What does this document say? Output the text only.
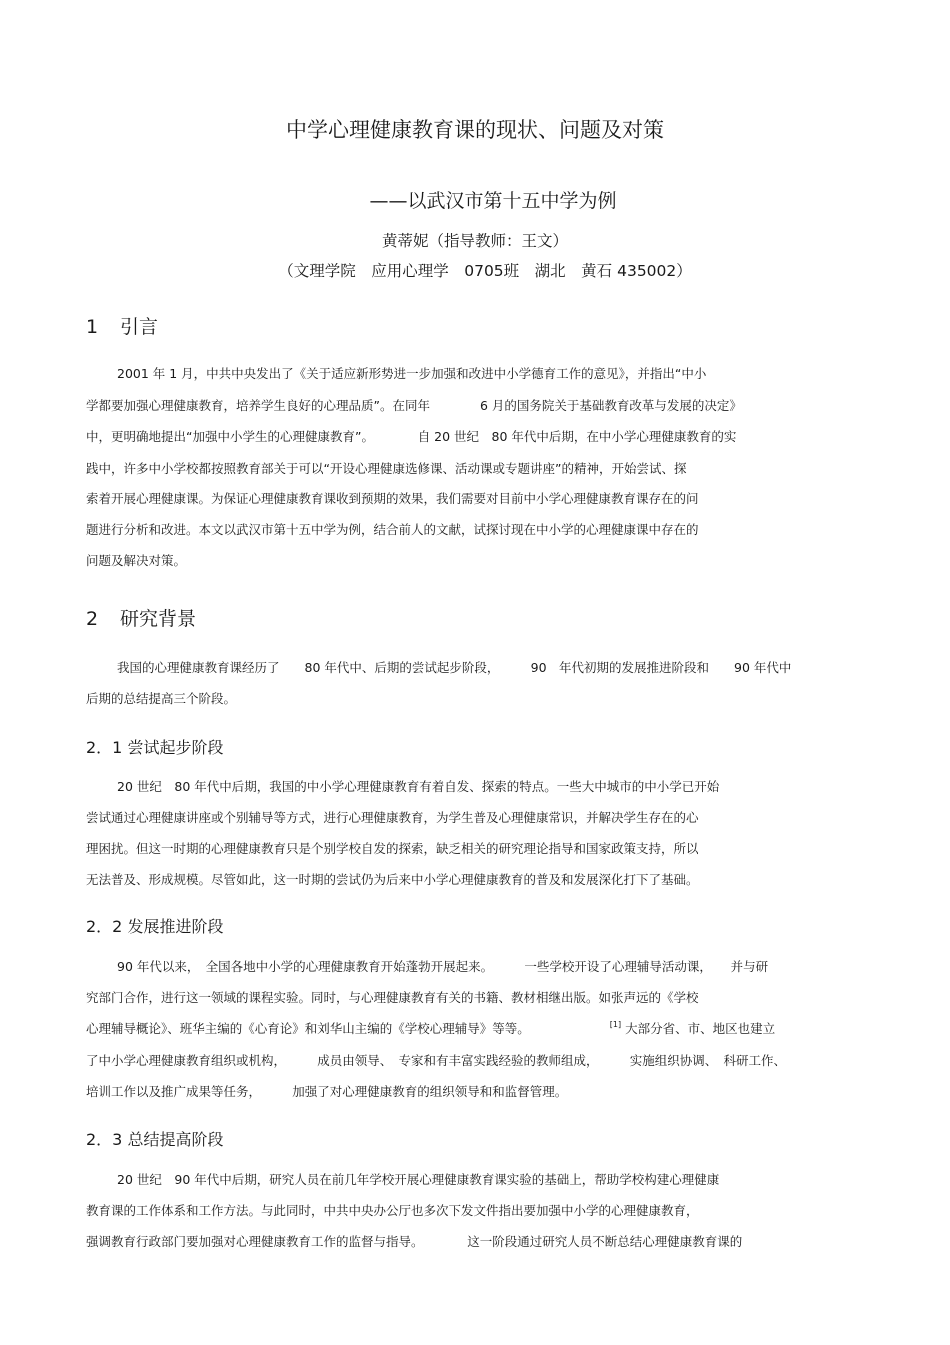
中学心理健康教育课的现状、问题及对策
——以武汉市第十五中学为例
黄蒂妮（指导教师：王文）
（文理学院　应用心理学　0705班　湖北　黄石 435002）
1 引言
2001 年 1 月，中共中央发出了《关于适应新形势进一步加强和改进中小学德育工作的意见》，并指出“中小
学都要加强心理健康教育，培养学生良好的心理品质”。在同年　　　　6 月的国务院关于基础教育改革与发展的决定》
中，更明确地提出“加强中小学生的心理健康教育”。　　　　自 20 世纪　80 年代中后期，在中小学心理健康教育的实
践中，许多中小学校都按照教育部关于可以“开设心理健康选修课、活动课或专题讲座”的精神，开始尝试、探
索着开展心理健康课。为保证心理健康教育课收到预期的效果，我们需要对目前中小学心理健康教育课存在的问
题进行分析和改进。本文以武汉市第十五中学为例，结合前人的文献，试探讨现在中小学的心理健康课中存在的
问题及解决对策。
2 研究背景
我国的心理健康教育课经历了　　80 年代中、后期的尝试起步阶段，　　　90　年代初期的发展推进阶段和　　90 年代中
后期的总结提高三个阶段。
2．1 尝试起步阶段
20 世纪　80 年代中后期，我国的中小学心理健康教育有着自发、探索的特点。一些大中城市的中小学已开始
尝试通过心理健康讲座或个别辅导等方式，进行心理健康教育，为学生普及心理健康常识，并解决学生存在的心
理困扰。但这一时期的心理健康教育只是个别学校自发的探索，缺乏相关的研究理论指导和国家政策支持，所以
无法普及、形成规模。尽管如此，这一时期的尝试仍为后来中小学心理健康教育的普及和发展深化打下了基础。
2．2 发展推进阶段
90 年代以来，　全国各地中小学的心理健康教育开始蓬勃开展起来。　　　一些学校开设了心理辅导活动课，　　并与研
究部门合作，进行这一领域的课程实验。同时，与心理健康教育有关的书籍、教材相继出版。如张声远的《学校
心理辅导概论》、班华主编的《心育论》和刘华山主编的《学校心理辅导》等等。	[1] 大部分省、市、地区也建立
了中小学心理健康教育组织或机构，　　　成员由领导、　专家和有丰富实践经验的教师组成，　　　实施组织协调、　科研工作、
培训工作以及推广成果等任务，　　　加强了对心理健康教育的组织领导和和监督管理。
2．3 总结提高阶段
20 世纪　90 年代中后期，研究人员在前几年学校开展心理健康教育课实验的基础上，帮助学校构建心理健康
教育课的工作体系和工作方法。与此同时，中共中央办公厅也多次下发文件指出要加强中小学的心理健康教育，
强调教育行政部门要加强对心理健康教育工作的监督与指导。　　　　这一阶段通过研究人员不断总结心理健康教育课的
